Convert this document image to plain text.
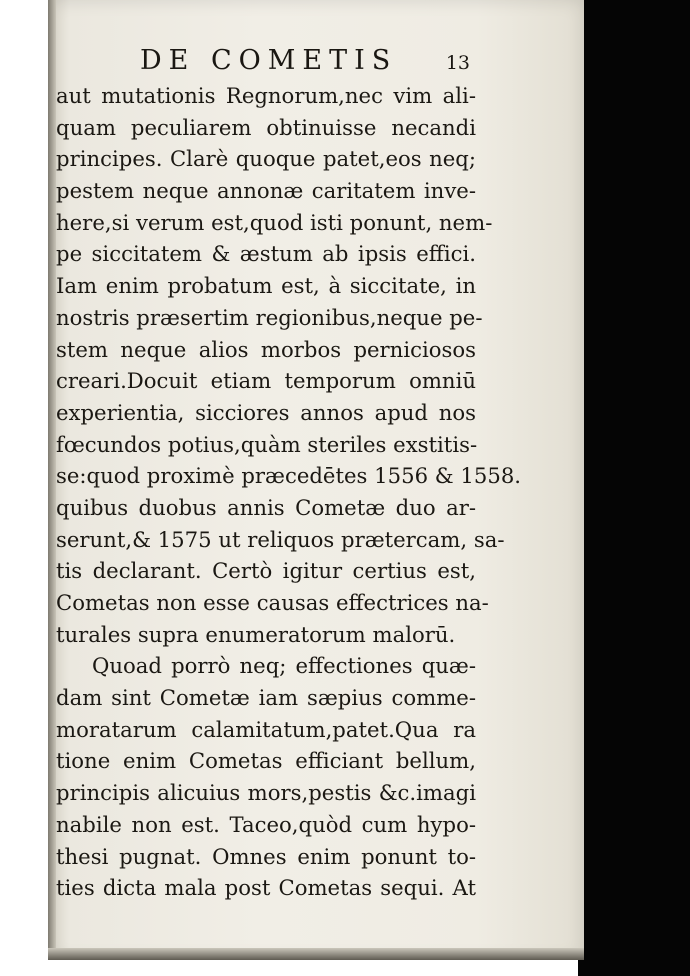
DE COMETIS	13
aut mutationis Regnorum,nec vim ali-
quam peculiarem obtinuisse necandi
principes. Clarè quoque patet,eos neq;
pestem neque annonæ caritatem inve-
here,si verum est,quod isti ponunt, nem-
pe siccitatem & æstum ab ipsis effici.
Iam enim probatum est, à siccitate, in
nostris præsertim regionibus,neque pe-
stem neque alios morbos perniciosos
creari.Docuit etiam temporum omniū
experientia, sicciores annos apud nos
fœcundos potius,quàm steriles exstitis-
se:quod proximè præcedētes 1556 & 1558.
quibus duobus annis Cometæ duo ar-
serunt,& 1575 ut reliquos prætercam, sa-
tis declarant. Certò igitur certius est,
Cometas non esse causas effectrices na-
turales supra enumeratorum malorū.
Quoad porrò neq; effectiones quæ-
dam sint Cometæ iam sæpius comme-
moratarum calamitatum,patet.Qua ra
tione enim Cometas efficiant bellum,
principis alicuius mors,pestis &c.imagi
nabile non est. Taceo,quòd cum hypo-
thesi pugnat. Omnes enim ponunt to-
ties dicta mala post Cometas sequi. At
